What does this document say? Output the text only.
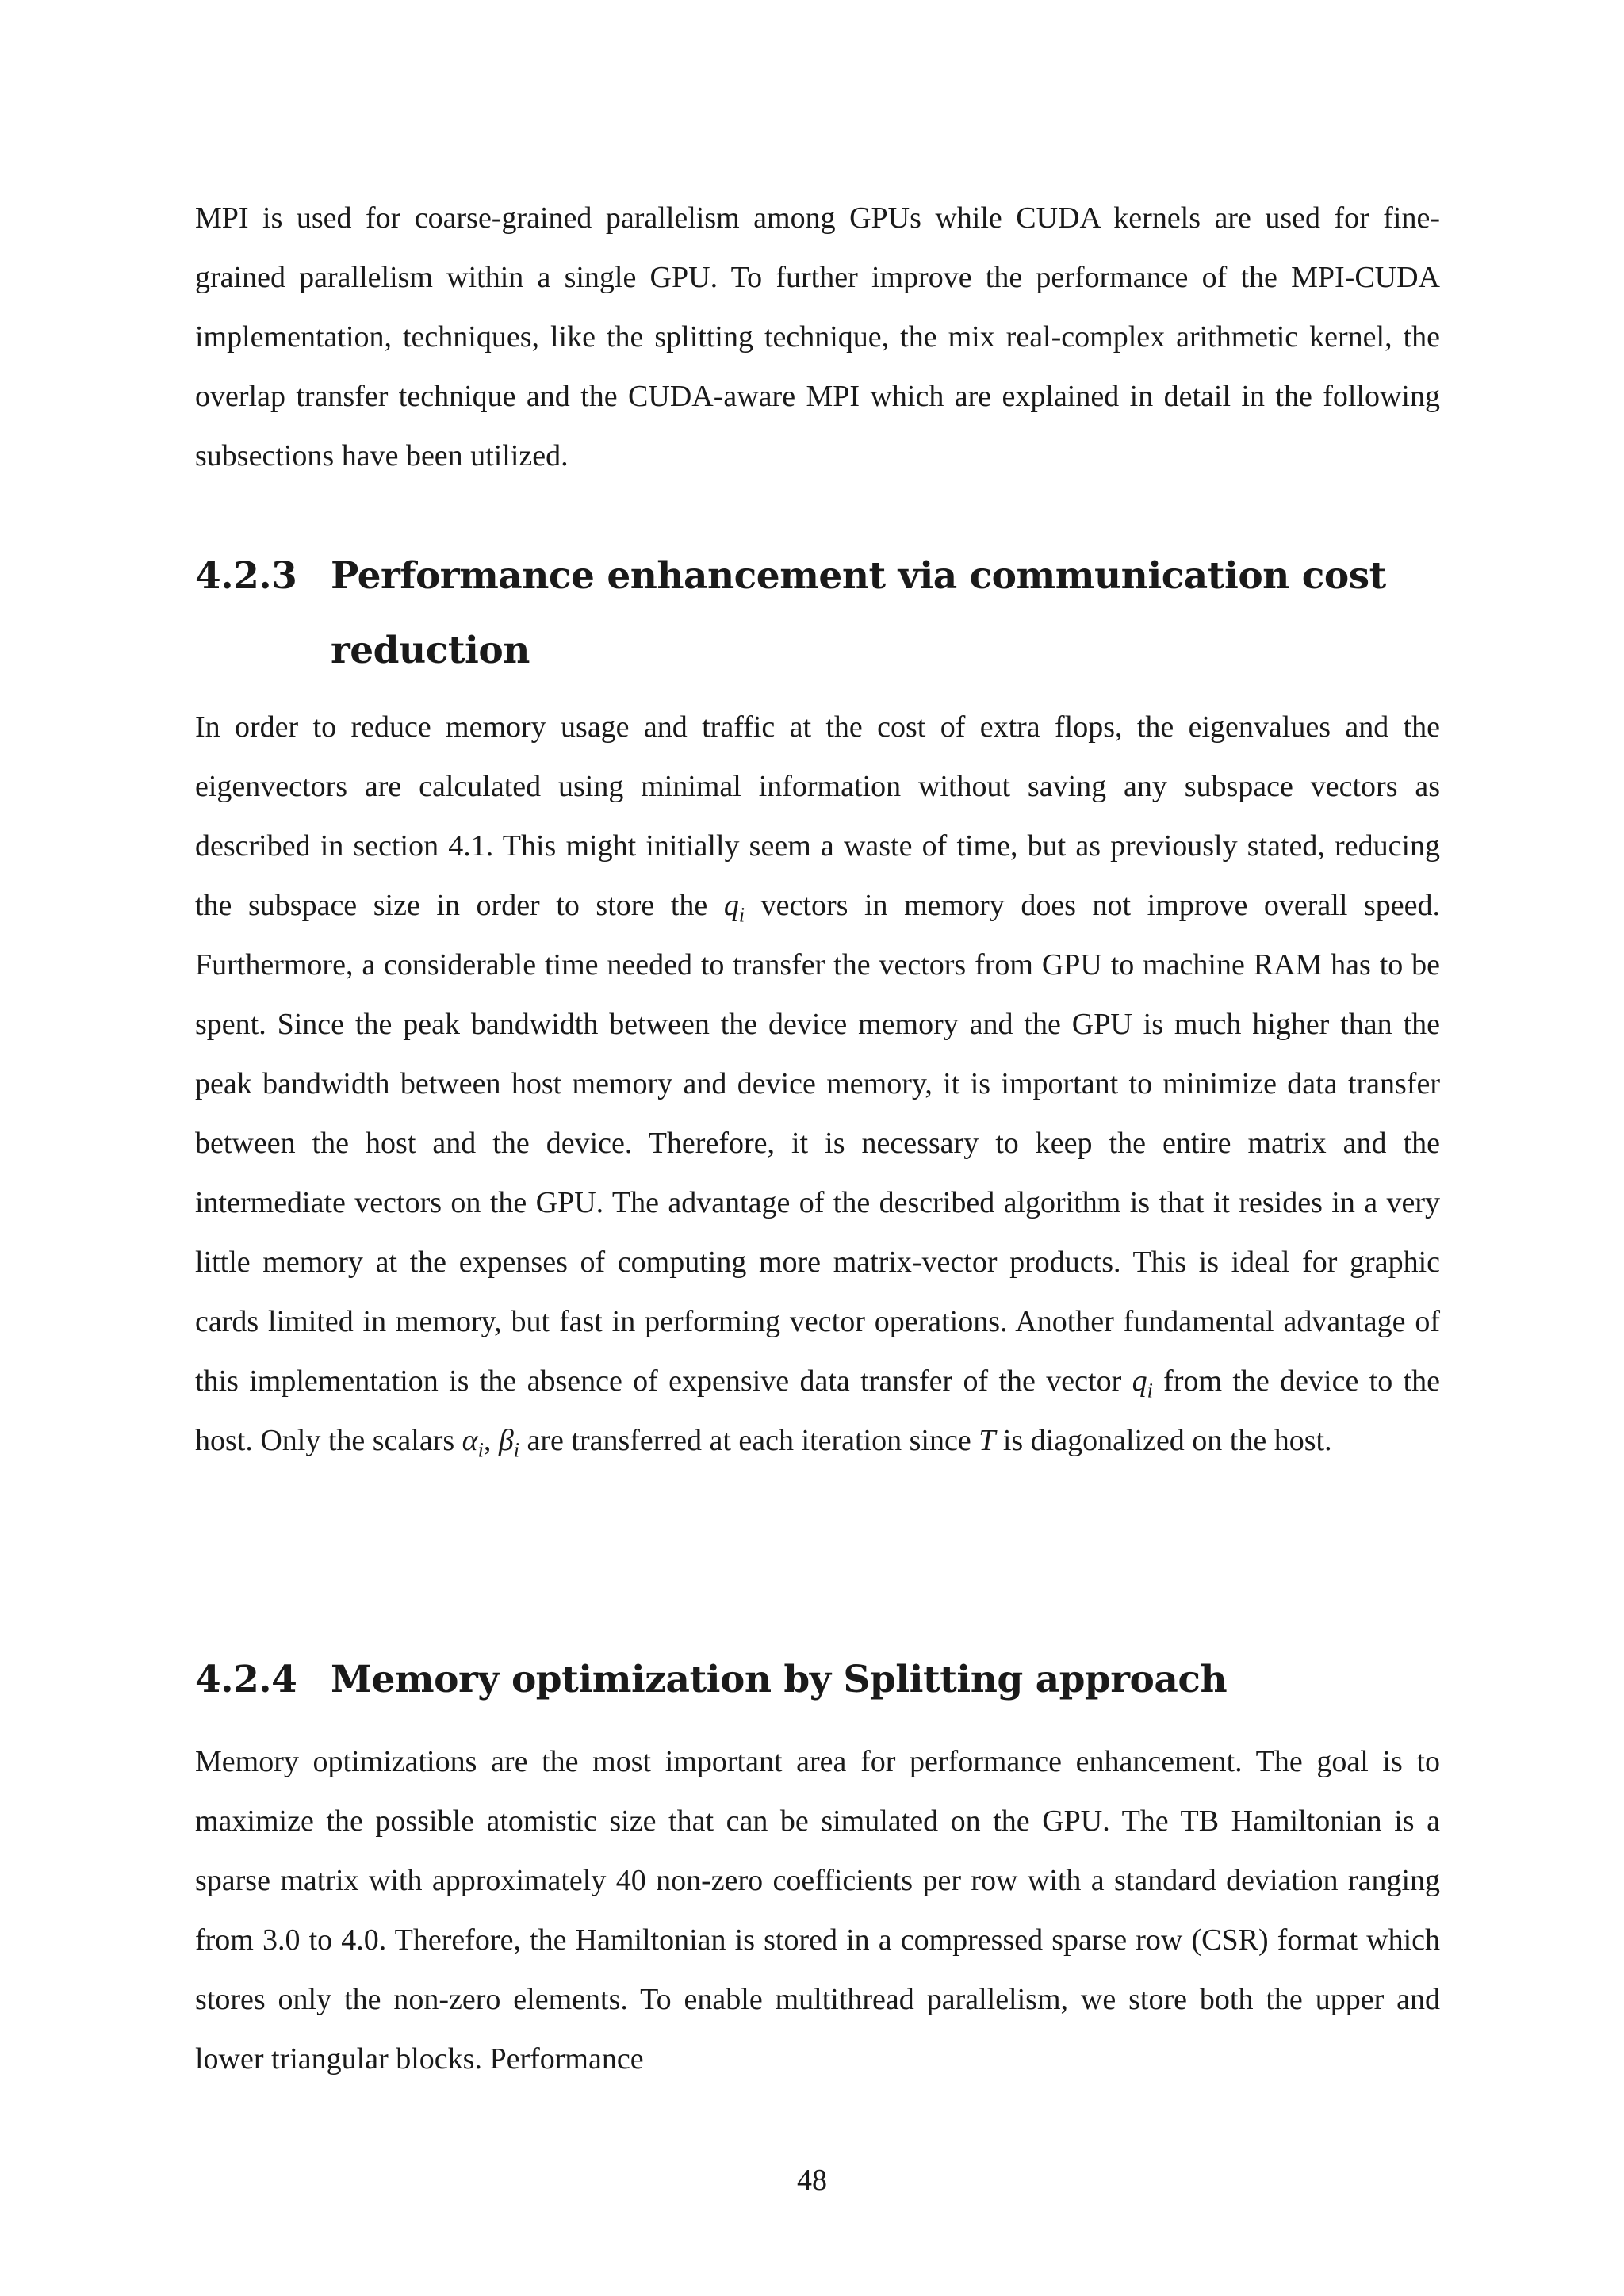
MPI is used for coarse-grained parallelism among GPUs while CUDA kernels are used for fine-grained parallelism within a single GPU. To further improve the performance of the MPI-CUDA implementation, techniques, like the splitting technique, the mix real-complex arithmetic kernel, the overlap transfer technique and the CUDA-aware MPI which are explained in detail in the following subsections have been utilized.

4.2.3 Performance enhancement via communication cost
reduction

In order to reduce memory usage and traffic at the cost of extra flops, the eigenvalues and the eigenvectors are calculated using minimal information without saving any subspace vectors as described in section 4.1. This might initially seem a waste of time, but as previously stated, reducing the subspace size in order to store the $q_i$ vectors in memory does not improve overall speed. Furthermore, a considerable time needed to transfer the vectors from GPU to machine RAM has to be spent. Since the peak bandwidth between the device memory and the GPU is much higher than the peak bandwidth between host memory and device memory, it is important to minimize data transfer between the host and the device. Therefore, it is necessary to keep the entire matrix and the intermediate vectors on the GPU. The advantage of the described algorithm is that it resides in a very little memory at the expenses of computing more matrix-vector products. This is ideal for graphic cards limited in memory, but fast in performing vector operations. Another fundamental advantage of this implementation is the absence of expensive data transfer of the vector $q_i$ from the device to the host. Only the scalars $\alpha_i$, $\beta_i$ are transferred at each iteration since T is diagonalized on the host.

4.2.4 Memory optimization by Splitting approach

Memory optimizations are the most important area for performance enhancement. The goal is to maximize the possible atomistic size that can be simulated on the GPU. The TB Hamiltonian is a sparse matrix with approximately 40 non-zero coefficients per row with a standard deviation ranging from 3.0 to 4.0. Therefore, the Hamiltonian is stored in a compressed sparse row (CSR) format which stores only the non-zero elements. To enable multithread parallelism, we store both the upper and lower triangular blocks. Performance

48
